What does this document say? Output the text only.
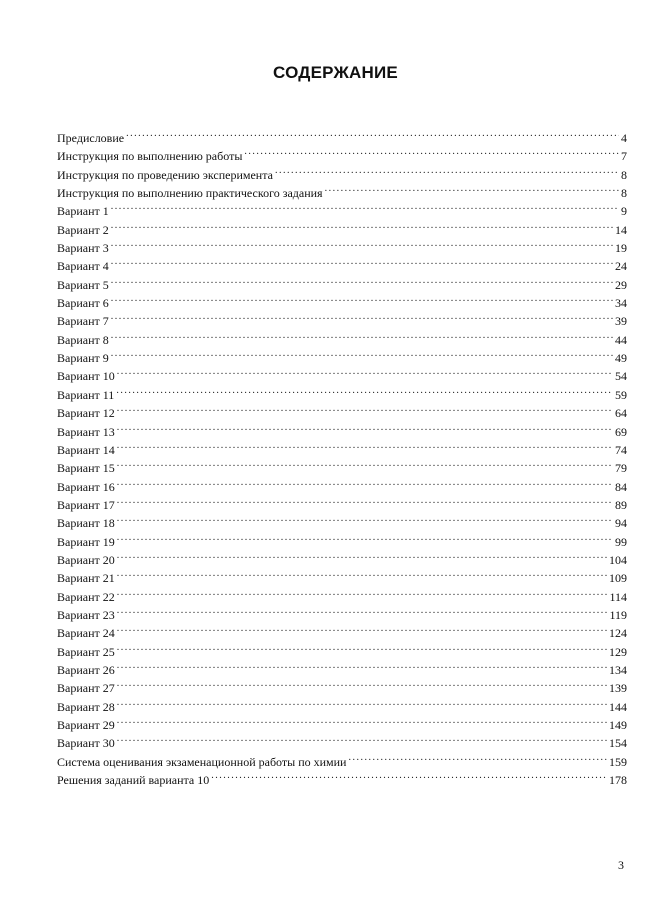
СОДЕРЖАНИЕ
Предисловие .....	4
Инструкция по выполнению работы .....	7
Инструкция по проведению эксперимента .....	8
Инструкция по выполнению практического задания .....	8
Вариант 1 .....	9
Вариант 2 .....	14
Вариант 3 .....	19
Вариант 4 .....	24
Вариант 5 .....	29
Вариант 6 .....	34
Вариант 7 .....	39
Вариант 8 .....	44
Вариант 9 .....	49
Вариант 10 .....	54
Вариант 11 .....	59
Вариант 12 .....	64
Вариант 13 .....	69
Вариант 14 .....	74
Вариант 15 .....	79
Вариант 16 .....	84
Вариант 17 .....	89
Вариант 18 .....	94
Вариант 19 .....	99
Вариант 20 .....	104
Вариант 21 .....	109
Вариант 22 .....	114
Вариант 23 .....	119
Вариант 24 .....	124
Вариант 25 .....	129
Вариант 26 .....	134
Вариант 27 .....	139
Вариант 28 .....	144
Вариант 29 .....	149
Вариант 30 .....	154
Система оценивания экзаменационной работы по химии .....	159
Решения заданий варианта 10 .....	178
3
